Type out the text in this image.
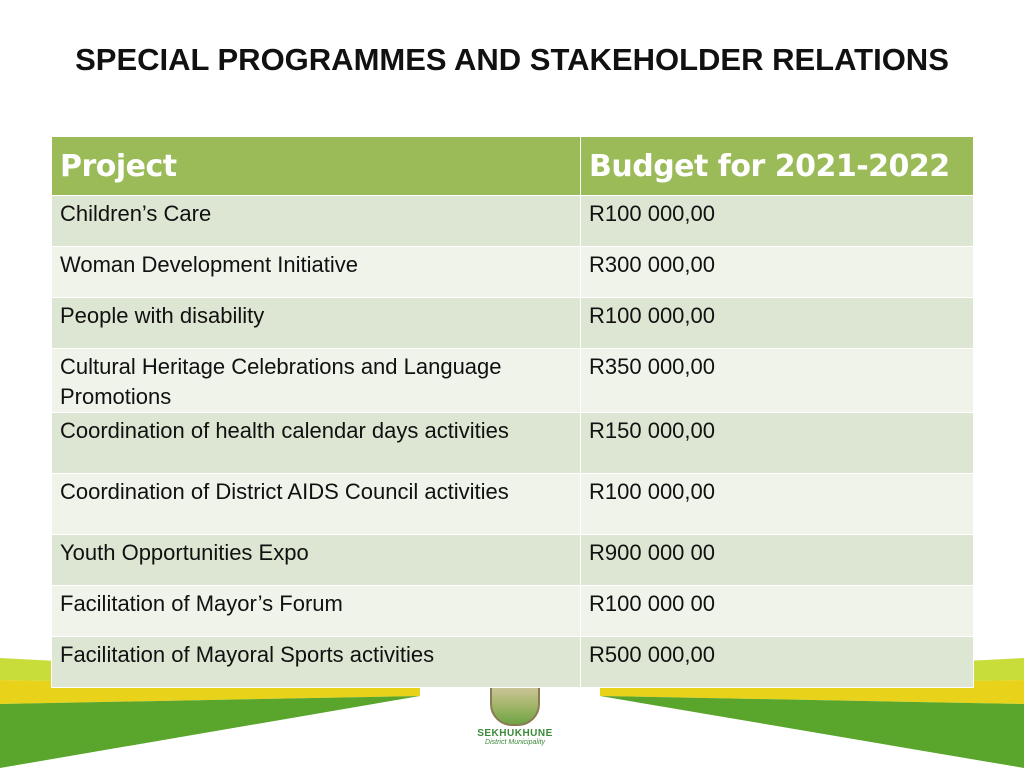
SEKHUKHUNE
District Municipality
SPECIAL PROGRAMMES AND STAKEHOLDER RELATIONS
Project	Budget for 2021-2022
Children’s Care	R100 000,00
Woman Development Initiative	R300 000,00
People with disability	R100 000,00
Cultural Heritage Celebrations and Language Promotions	R350 000,00
Coordination of health calendar days activities	R150 000,00
Coordination of District AIDS Council activities	R100 000,00
Youth Opportunities Expo	R900 000 00
Facilitation of Mayor’s Forum	R100 000 00
Facilitation of Mayoral Sports activities	R500 000,00
